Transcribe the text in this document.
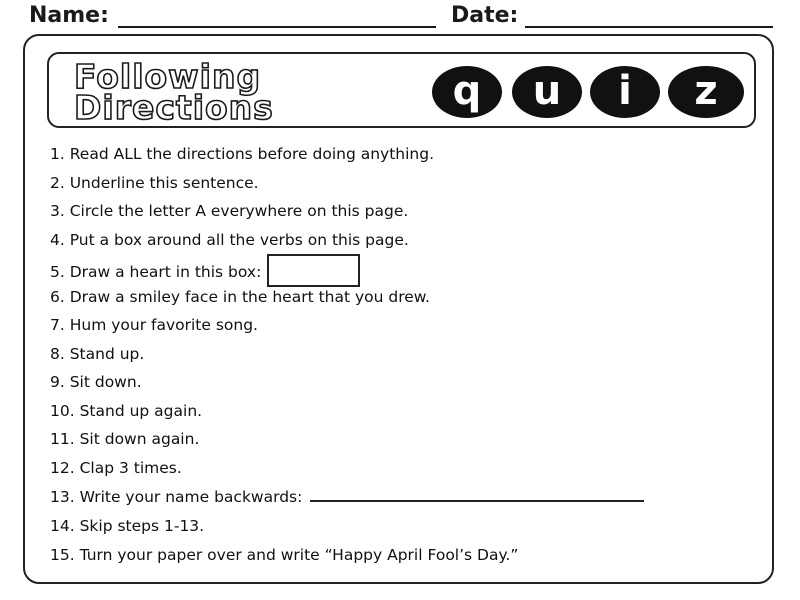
Name:	Date:
Following
Directions	q	u	i	z
1. Read ALL the directions before doing anything.
2. Underline this sentence.
3. Circle the letter A everywhere on this page.
4. Put a box around all the verbs on this page.
5. Draw a heart in this box:
6. Draw a smiley face in the heart that you drew.
7. Hum your favorite song.
8. Stand up.
9. Sit down.
10. Stand up again.
11. Sit down again.
12. Clap 3 times.
13. Write your name backwards:
14. Skip steps 1-13.
15. Turn your paper over and write “Happy April Fool’s Day.”
